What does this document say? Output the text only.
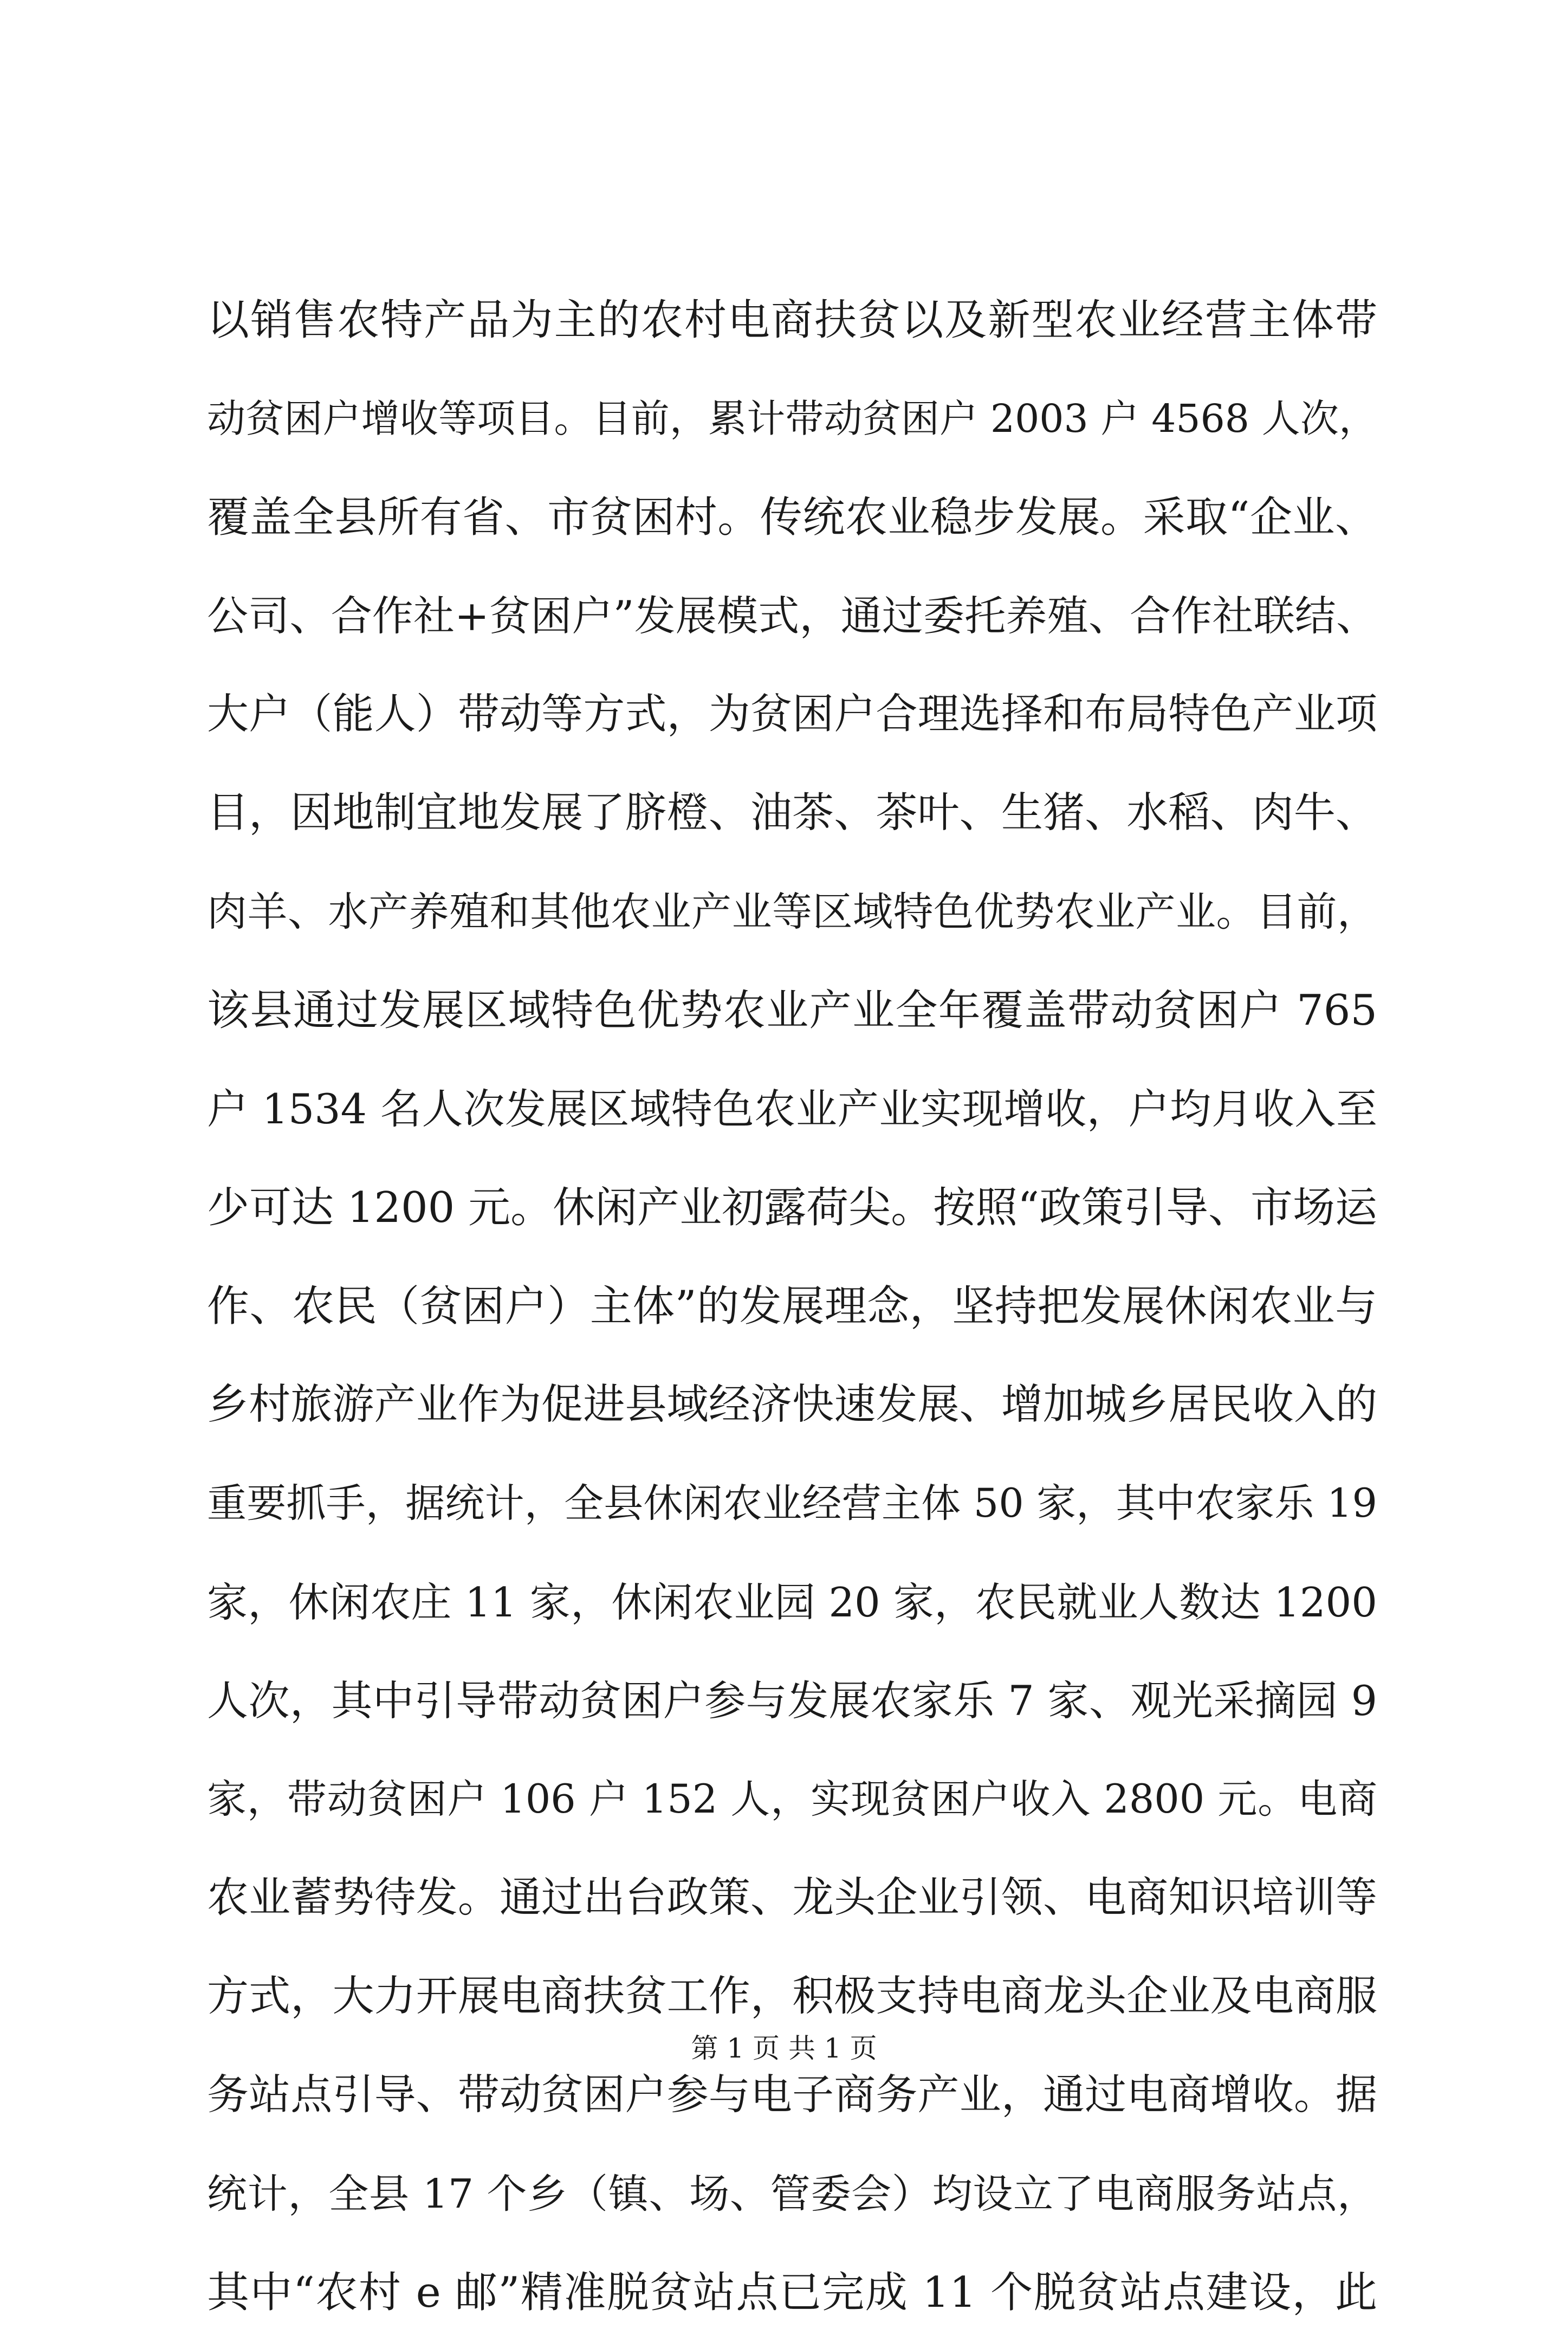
以销售农特产品为主的农村电商扶贫以及新型农业经营主体带
动贫困户增收等项目。目前，累计带动贫困户 2003 户 4568 人次，
覆盖全县所有省、市贫困村。传统农业稳步发展。采取“企业、
公司、合作社+贫困户”发展模式，通过委托养殖、合作社联结、
大户（能人）带动等方式，为贫困户合理选择和布局特色产业项
目，因地制宜地发展了脐橙、油茶、茶叶、生猪、水稻、肉牛、
肉羊、水产养殖和其他农业产业等区域特色优势农业产业。目前，
该县通过发展区域特色优势农业产业全年覆盖带动贫困户 765
户 1534 名人次发展区域特色农业产业实现增收，户均月收入至
少可达 1200 元。休闲产业初露荷尖。按照“政策引导、市场运
作、农民（贫困户）主体”的发展理念，坚持把发展休闲农业与
乡村旅游产业作为促进县域经济快速发展、增加城乡居民收入的
重要抓手，据统计，全县休闲农业经营主体 50 家，其中农家乐 19
家，休闲农庄 11 家，休闲农业园 20 家，农民就业人数达 1200
人次，其中引导带动贫困户参与发展农家乐 7 家、观光采摘园 9
家，带动贫困户 106 户 152 人，实现贫困户收入 2800 元。电商
农业蓄势待发。通过出台政策、龙头企业引领、电商知识培训等
方式，大力开展电商扶贫工作，积极支持电商龙头企业及电商服
务站点引导、带动贫困户参与电子商务产业，通过电商增收。据
统计，全县 17 个乡（镇、场、管委会）均设立了电商服务站点，
其中“农村 e 邮”精准脱贫站点已完成 11 个脱贫站点建设，此
第 1 页 共 1 页
